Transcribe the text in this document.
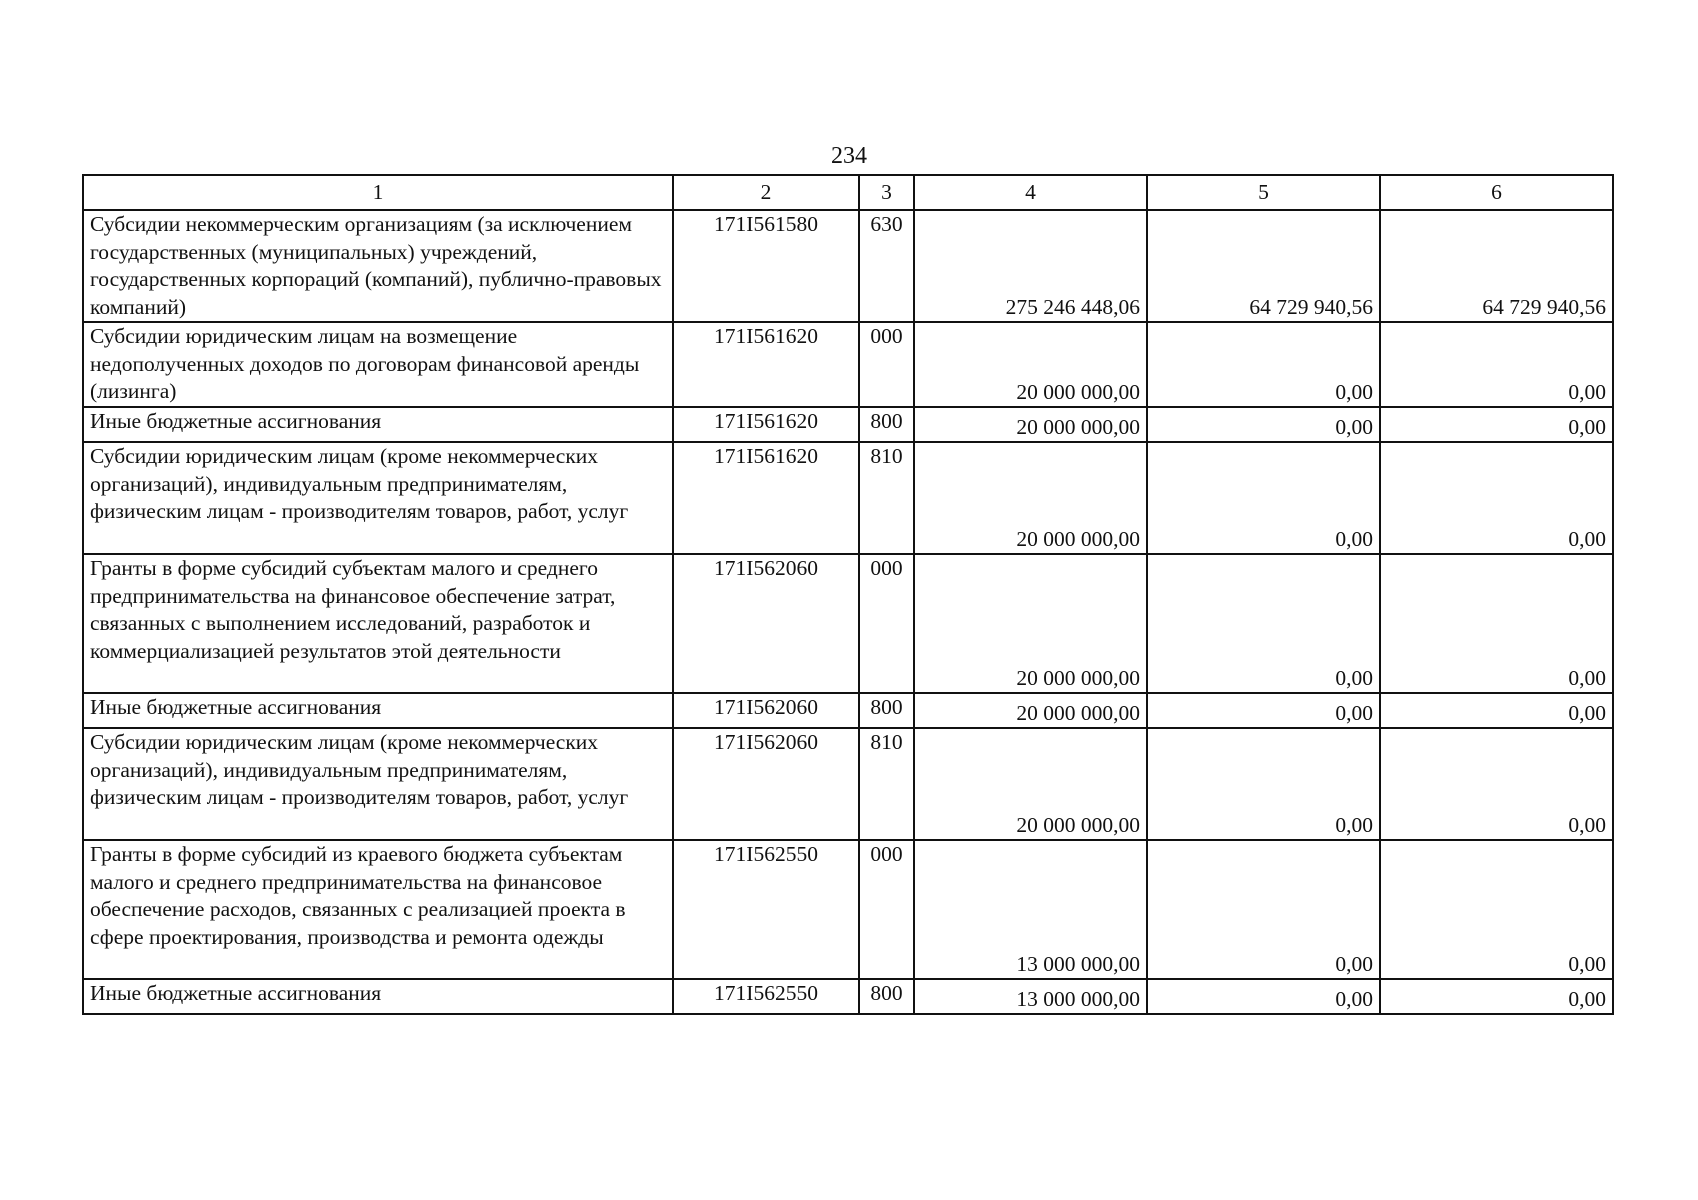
234
1	2	3	4	5	6
Субсидии некоммерческим организациям (за исключением государственных (муниципальных) учреждений, государственных корпораций (компаний), публично-правовых компаний)	171I561580	630	275 246 448,06	64 729 940,56	64 729 940,56
Субсидии юридическим лицам на возмещение недополученных доходов по договорам финансовой аренды (лизинга)	171I561620	000	20 000 000,00	0,00	0,00
Иные бюджетные ассигнования	171I561620	800	20 000 000,00	0,00	0,00
Субсидии юридическим лицам (кроме некоммерческих организаций), индивидуальным предпринимателям, физическим лицам - производителям товаров, работ, услуг	171I561620	810	20 000 000,00	0,00	0,00
Гранты в форме субсидий субъектам малого и среднего предпринимательства на финансовое обеспечение затрат, связанных с выполнением исследований, разработок и коммерциализацией результатов этой деятельности	171I562060	000	20 000 000,00	0,00	0,00
Иные бюджетные ассигнования	171I562060	800	20 000 000,00	0,00	0,00
Субсидии юридическим лицам (кроме некоммерческих организаций), индивидуальным предпринимателям, физическим лицам - производителям товаров, работ, услуг	171I562060	810	20 000 000,00	0,00	0,00
Гранты в форме субсидий из краевого бюджета субъектам малого и среднего предпринимательства на финансовое обеспечение расходов, связанных с реализацией проекта в сфере проектирования, производства и ремонта одежды	171I562550	000	13 000 000,00	0,00	0,00
Иные бюджетные ассигнования	171I562550	800	13 000 000,00	0,00	0,00
